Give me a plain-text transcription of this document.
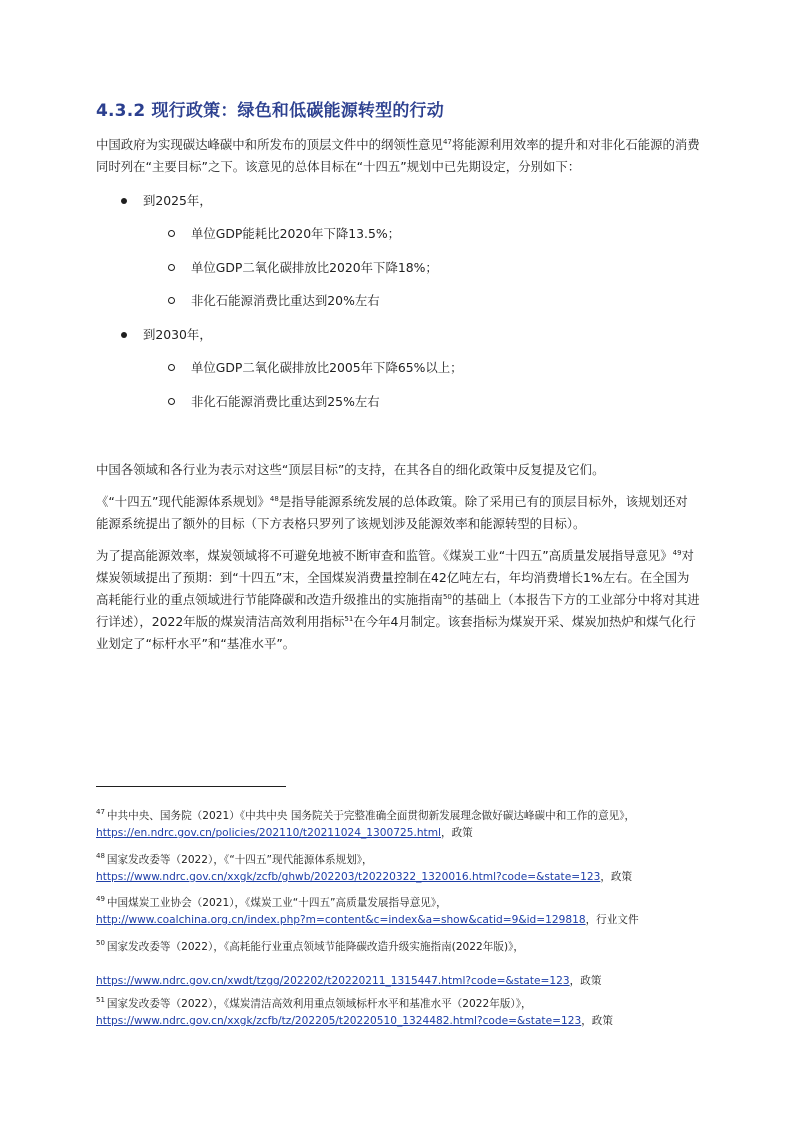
4.3.2 现行政策：绿色和低碳能源转型的行动

中国政府为实现碳达峰碳中和所发布的顶层文件中的纲领性意见$^{47}$将能源利用效率的提升和对非化石能源的消费同时列在“主要目标”之下。该意见的总体目标在“十四五”规划中已先期设定，分别如下：

到2025年，
单位GDP能耗比2020年下降13.5%；
单位GDP二氧化碳排放比2020年下降18%；
非化石能源消费比重达到20%左右
到2030年，
单位GDP二氧化碳排放比2005年下降65%以上；
非化石能源消费比重达到25%左右

中国各领域和各行业为表示对这些“顶层目标”的支持，在其各自的细化政策中反复提及它们。

《“十四五”现代能源体系规划》$^{48}$是指导能源系统发展的总体政策。除了采用已有的顶层目标外，该规划还对能源系统提出了额外的目标（下方表格只罗列了该规划涉及能源效率和能源转型的目标）。

为了提高能源效率，煤炭领域将不可避免地被不断审查和监管。《煤炭工业“十四五”高质量发展指导意见》$^{49}$对煤炭领域提出了预期：到“十四五”末，全国煤炭消费量控制在42亿吨左右，年均消费增长1%左右。在全国为高耗能行业的重点领域进行节能降碳和改造升级推出的实施指南$^{50}$的基础上（本报告下方的工业部分中将对其进行详述），2022年版的煤炭清洁高效利用指标$^{51}$在今年4月制定。该套指标为煤炭开采、煤炭加热炉和煤气化行业划定了“标杆水平”和“基准水平”。

$^{47}$ 中共中央、国务院（2021）《中共中央 国务院关于完整准确全面贯彻新发展理念做好碳达峰碳中和工作的意见》， https://en.ndrc.gov.cn/policies/202110/t20211024_1300725.html，政策

$^{48}$ 国家发改委等（2022），《“十四五”现代能源体系规划》，
https://www.ndrc.gov.cn/xxgk/zcfb/ghwb/202203/t20220322_1320016.html?code=&state=123，政策

$^{49}$ 中国煤炭工业协会（2021），《煤炭工业“十四五”高质量发展指导意见》，
http://www.coalchina.org.cn/index.php?m=content&c=index&a=show&catid=9&id=129818，行业文件

$^{50}$ 国家发改委等（2022），《高耗能行业重点领域节能降碳改造升级实施指南(2022年版)》，

https://www.ndrc.gov.cn/xwdt/tzgg/202202/t20220211_1315447.html?code=&state=123，政策

$^{51}$ 国家发改委等（2022），《煤炭清洁高效利用重点领域标杆水平和基准水平（2022年版）》，
https://www.ndrc.gov.cn/xxgk/zcfb/tz/202205/t20220510_1324482.html?code=&state=123，政策
